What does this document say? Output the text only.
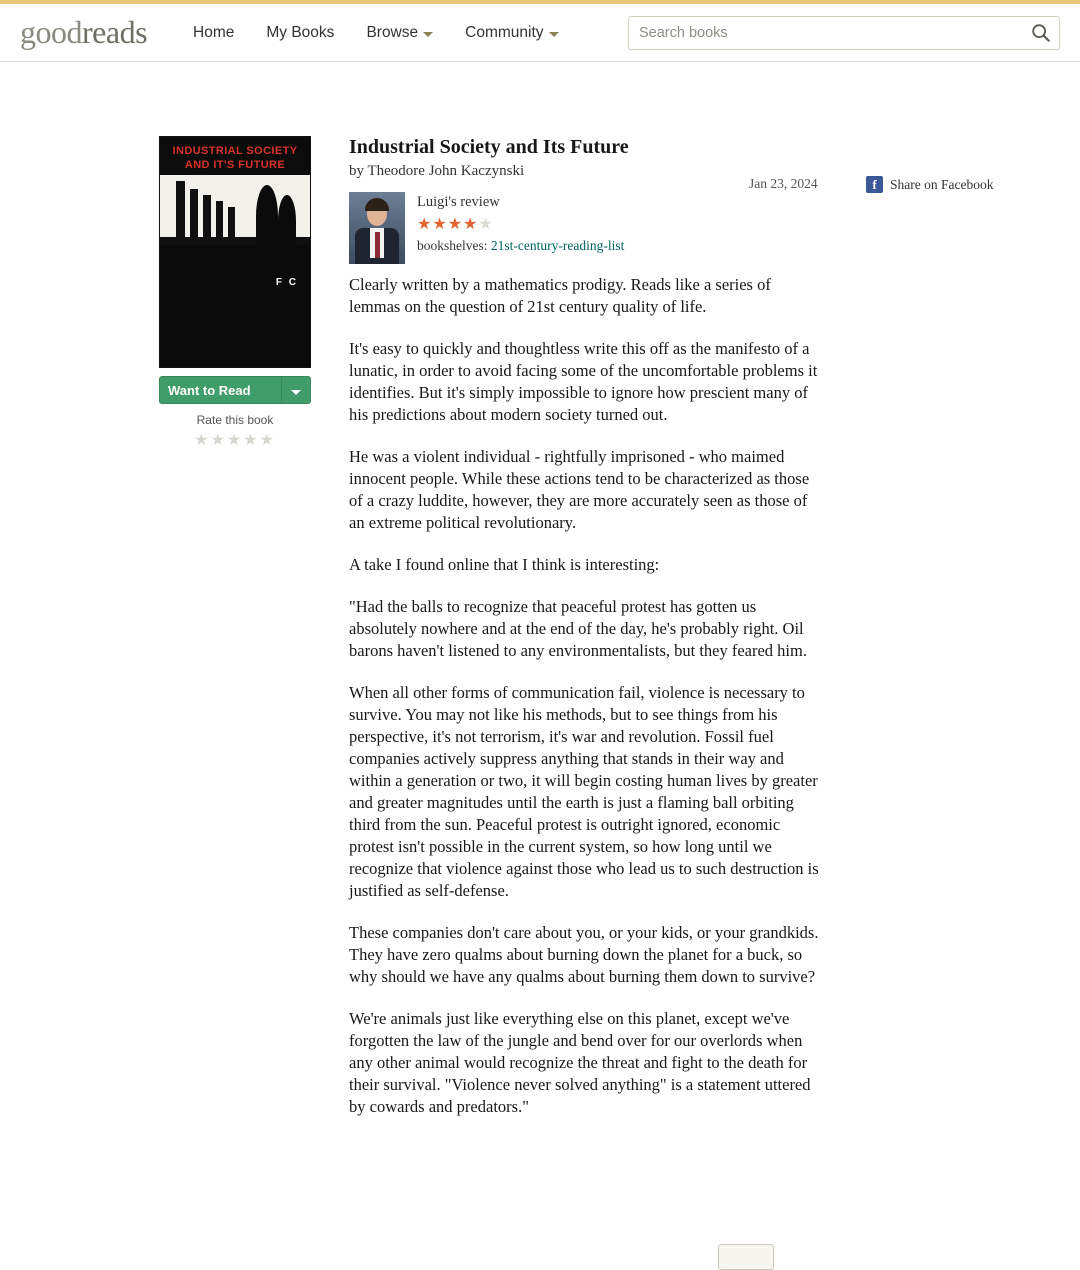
goodreads	Home My Books Browse	Community
Search books
INDUSTRIAL SOCIETY
AND IT'S FUTURE
F C
Want to Read
Rate this book
★★★★★
Industrial Society and Its Future
by Theodore John Kaczynski
Luigi's review
★★★★★
bookshelves: 21st-century-reading-list

Clearly written by a mathematics prodigy. Reads like a series of lemmas on the question of 21st century quality of life.

It's easy to quickly and thoughtless write this off as the manifesto of a lunatic, in order to avoid facing some of the uncomfortable problems it identifies. But it's simply impossible to ignore how prescient many of his predictions about modern society turned out.

He was a violent individual - rightfully imprisoned - who maimed innocent people. While these actions tend to be characterized as those of a crazy luddite, however, they are more accurately seen as those of an extreme political revolutionary.

A take I found online that I think is interesting:

"Had the balls to recognize that peaceful protest has gotten us absolutely nowhere and at the end of the day, he's probably right. Oil barons haven't listened to any environmentalists, but they feared him.

When all other forms of communication fail, violence is necessary to survive. You may not like his methods, but to see things from his perspective, it's not terrorism, it's war and revolution. Fossil fuel companies actively suppress anything that stands in their way and within a generation or two, it will begin costing human lives by greater and greater magnitudes until the earth is just a flaming ball orbiting third from the sun. Peaceful protest is outright ignored, economic protest isn't possible in the current system, so how long until we recognize that violence against those who lead us to such destruction is justified as self-defense.

These companies don't care about you, or your kids, or your grandkids. They have zero qualms about burning down the planet for a buck, so why should we have any qualms about burning them down to survive?

We're animals just like everything else on this planet, except we've forgotten the law of the jungle and bend over for our overlords when any other animal would recognize the threat and fight to the death for their survival. "Violence never solved anything" is a statement uttered by cowards and predators."

Jan 23, 2024	f Share on Facebook
